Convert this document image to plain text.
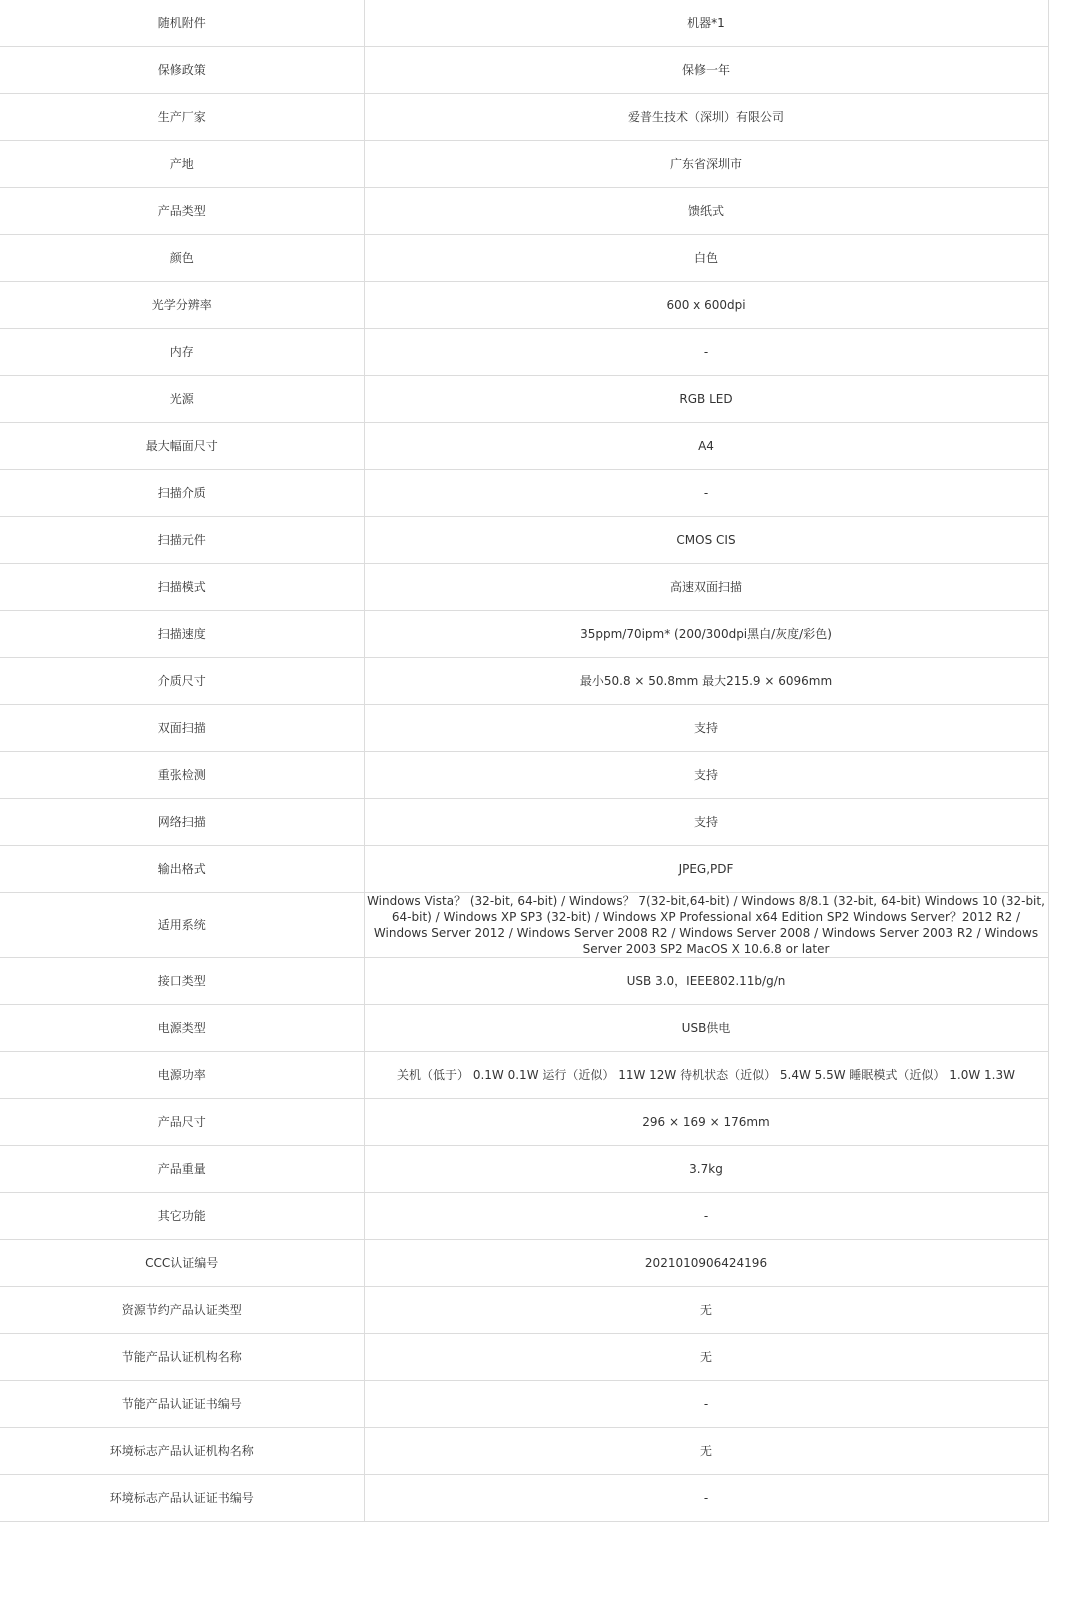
随机附件	机器*1
保修政策	保修一年
生产厂家	爱普生技术（深圳）有限公司
产地	广东省深圳市
产品类型	馈纸式
颜色	白色
光学分辨率	600 x 600dpi
内存	-
光源	RGB LED
最大幅面尺寸	A4
扫描介质	-
扫描元件	CMOS CIS
扫描模式	高速双面扫描
扫描速度	35ppm/70ipm* (200/300dpi黑白/灰度/彩色)
介质尺寸	最小50.8 × 50.8mm 最大215.9 × 6096mm
双面扫描	支持
重张检测	支持
网络扫描	支持
输出格式	JPEG,PDF
适用系统	Windows Vista？ (32-bit, 64-bit) / Windows？ 7(32-bit,64-bit) / Windows 8/8.1 (32-bit, 64-bit) Windows 10 (32-bit, 64-bit) / Windows XP SP3 (32-bit) / Windows XP Professional x64 Edition SP2 Windows Server？2012 R2 / Windows Server 2012 / Windows Server 2008 R2 / Windows Server 2008 / Windows Server 2003 R2 / Windows Server 2003 SP2 MacOS X 10.6.8 or later
接口类型	USB 3.0，IEEE802.11b/g/n
电源类型	USB供电
电源功率	关机（低于） 0.1W 0.1W 运行（近似） 11W 12W 待机状态（近似） 5.4W 5.5W 睡眠模式（近似） 1.0W 1.3W
产品尺寸	296 × 169 × 176mm
产品重量	3.7kg
其它功能	-
CCC认证编号	2021010906424196
资源节约产品认证类型	无
节能产品认证机构名称	无
节能产品认证证书编号	-
环境标志产品认证机构名称	无
环境标志产品认证证书编号	-
